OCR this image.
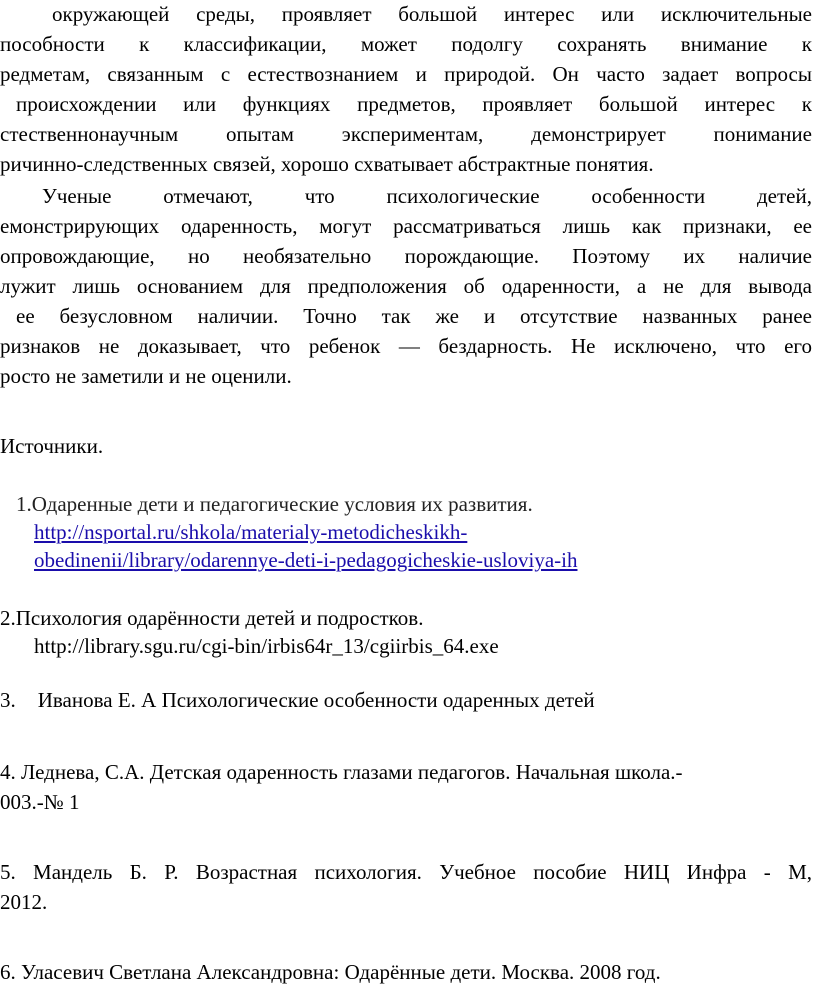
окружающей среды, проявляет большой интерес или исключительные
пособности к классификации, может подолгу сохранять внимание к
редметам, связанным с естествознанием и природой. Он часто задает вопросы
происхождении или функциях предметов, проявляет большой интерес к
стественнонаучным опытам экспериментам, демонстрирует понимание
ричинно-следственных связей, хорошо схватывает абстрактные понятия.
Ученые отмечают, что психологические особенности детей,
емонстрирующих одаренность, могут рассматриваться лишь как признаки, ее
опровождающие, но необязательно порождающие. Поэтому их наличие
лужит лишь основанием для предположения об одаренности, а не для вывода
ее безусловном наличии. Точно так же и отсутствие названных ранее
ризнаков не доказывает, что ребенок — бездарность. Не исключено, что его
росто не заметили и не оценили.
Источники.
1.Одаренные дети и педагогические условия их развития.
http://nsportal.ru/shkola/materialy-metodicheskikh-
obedinenii/library/odarennye-deti-i-pedagogicheskie-usloviya-ih
2.Психология одарённости детей и подростков.
http://library.sgu.ru/cgi-bin/irbis64r_13/cgiirbis_64.exe
3. Иванова Е. А Психологические особенности одаренных детей
4. Леднева, С.А. Детская одаренность глазами педагогов. Начальная школа.-
003.-№ 1
5. Мандель Б. Р. Возрастная психология. Учебное пособие НИЦ Инфра - М,
2012.
6. Уласевич Светлана Александровна: Одарённые дети. Москва. 2008 год.
